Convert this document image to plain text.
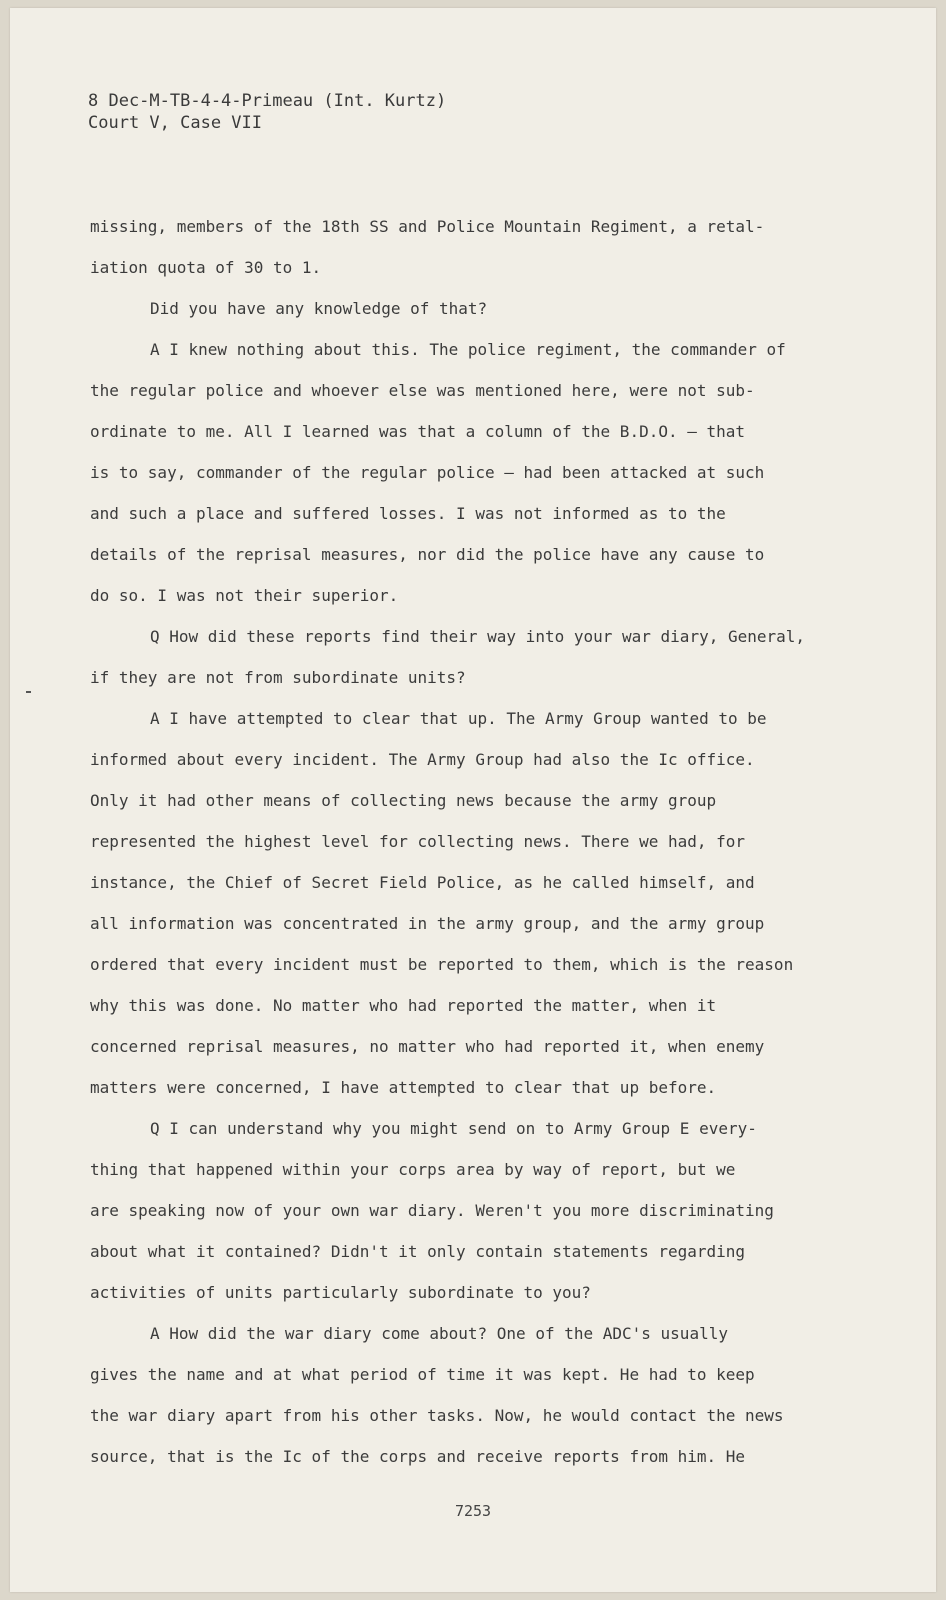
8 Dec-M-TB-4-4-Primeau (Int. Kurtz)
Court V, Case VII
missing, members of the 18th SS and Police Mountain Regiment, a retal-
iation quota of 30 to 1.
Did you have any knowledge of that?
A I knew nothing about this. The police regiment, the commander of
the regular police and whoever else was mentioned here, were not sub-
ordinate to me. All I learned was that a column of the B.D.O. — that
is to say, commander of the regular police — had been attacked at such
and such a place and suffered losses. I was not informed as to the
details of the reprisal measures, nor did the police have any cause to
do so. I was not their superior.
Q How did these reports find their way into your war diary, General,
if they are not from subordinate units?
A I have attempted to clear that up. The Army Group wanted to be
informed about every incident. The Army Group had also the Ic office.
Only it had other means of collecting news because the army group
represented the highest level for collecting news. There we had, for
instance, the Chief of Secret Field Police, as he called himself, and
all information was concentrated in the army group, and the army group
ordered that every incident must be reported to them, which is the reason
why this was done. No matter who had reported the matter, when it
concerned reprisal measures, no matter who had reported it, when enemy
matters were concerned, I have attempted to clear that up before.
Q I can understand why you might send on to Army Group E every-
thing that happened within your corps area by way of report, but we
are speaking now of your own war diary. Weren't you more discriminating
about what it contained? Didn't it only contain statements regarding
activities of units particularly subordinate to you?
A How did the war diary come about? One of the ADC's usually
gives the name and at what period of time it was kept. He had to keep
the war diary apart from his other tasks. Now, he would contact the news
source, that is the Ic of the corps and receive reports from him. He
7253
